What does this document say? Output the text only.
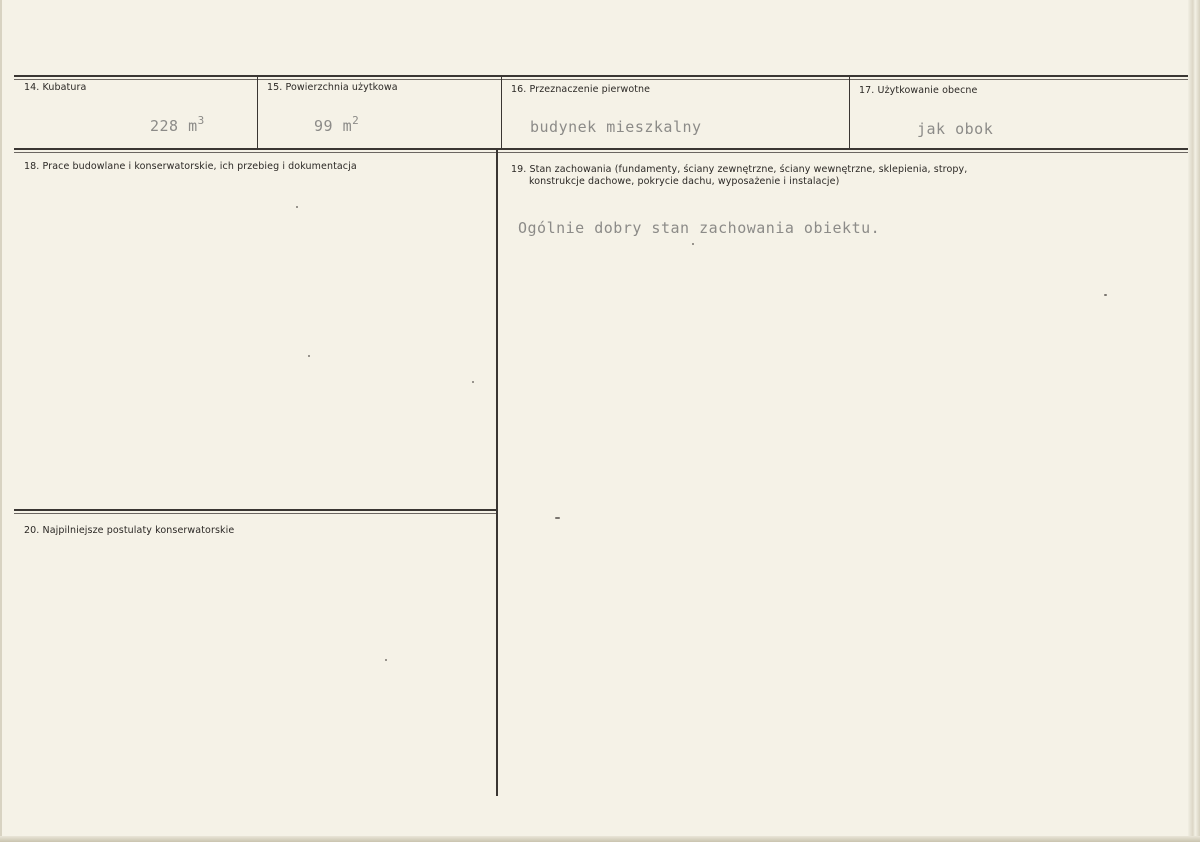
14. Kubatura
228 $m^3$
15. Powierzchnia użytkowa
99 $m^2$
16. Przeznaczenie pierwotne
budynek mieszkalny
17. Użytkowanie obecne
jak obok
18. Prace budowlane i konserwatorskie, ich przebieg i dokumentacja	19. Stan zachowania (fundamenty, ściany zewnętrzne, ściany wewnętrzne, sklepienia, stropy,
konstrukcje dachowe, pokrycie dachu, wyposażenie i instalacje)
Ogólnie dobry stan zachowania obiektu.
20. Najpilniejsze postulaty konserwatorskie
